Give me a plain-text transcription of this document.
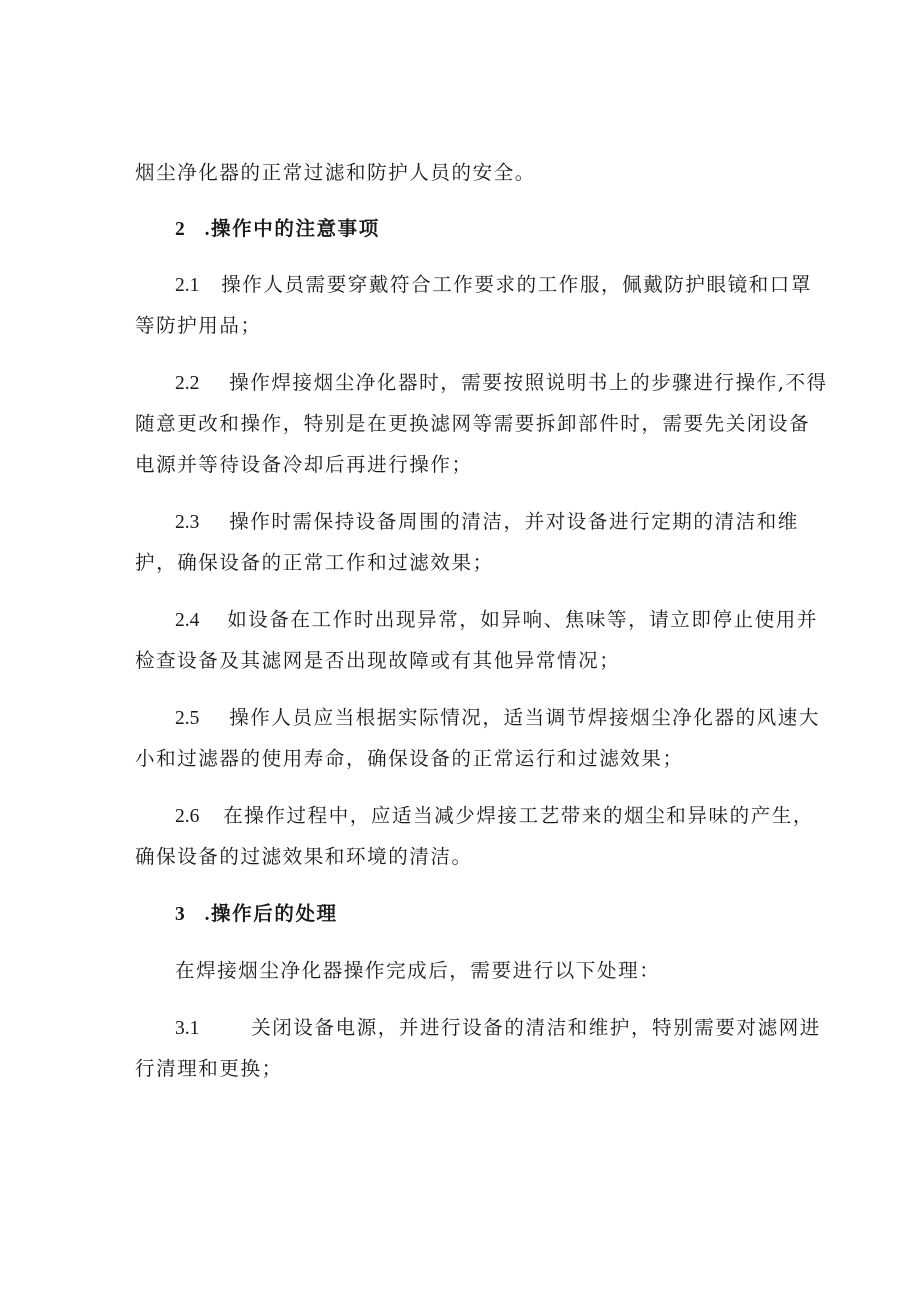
烟尘净化器的正常过滤和防护人员的安全。
2 .操作中的注意事项
2.1 操作人员需要穿戴符合工作要求的工作服，佩戴防护眼镜和口罩
等防护用品；
2.2 操作焊接烟尘净化器时，需要按照说明书上的步骤进行操作,不得
随意更改和操作，特别是在更换滤网等需要拆卸部件时，需要先关闭设备
电源并等待设备冷却后再进行操作；
2.3 操作时需保持设备周围的清洁，并对设备进行定期的清洁和维
护，确保设备的正常工作和过滤效果；
2.4 如设备在工作时出现异常，如异响、焦味等，请立即停止使用并
检查设备及其滤网是否出现故障或有其他异常情况；
2.5 操作人员应当根据实际情况，适当调节焊接烟尘净化器的风速大
小和过滤器的使用寿命，确保设备的正常运行和过滤效果；
2.6 在操作过程中，应适当减少焊接工艺带来的烟尘和异味的产生，
确保设备的过滤效果和环境的清洁。
3 .操作后的处理
在焊接烟尘净化器操作完成后，需要进行以下处理：
3.1	关闭设备电源，并进行设备的清洁和维护，特别需要对滤网进
行清理和更换；
